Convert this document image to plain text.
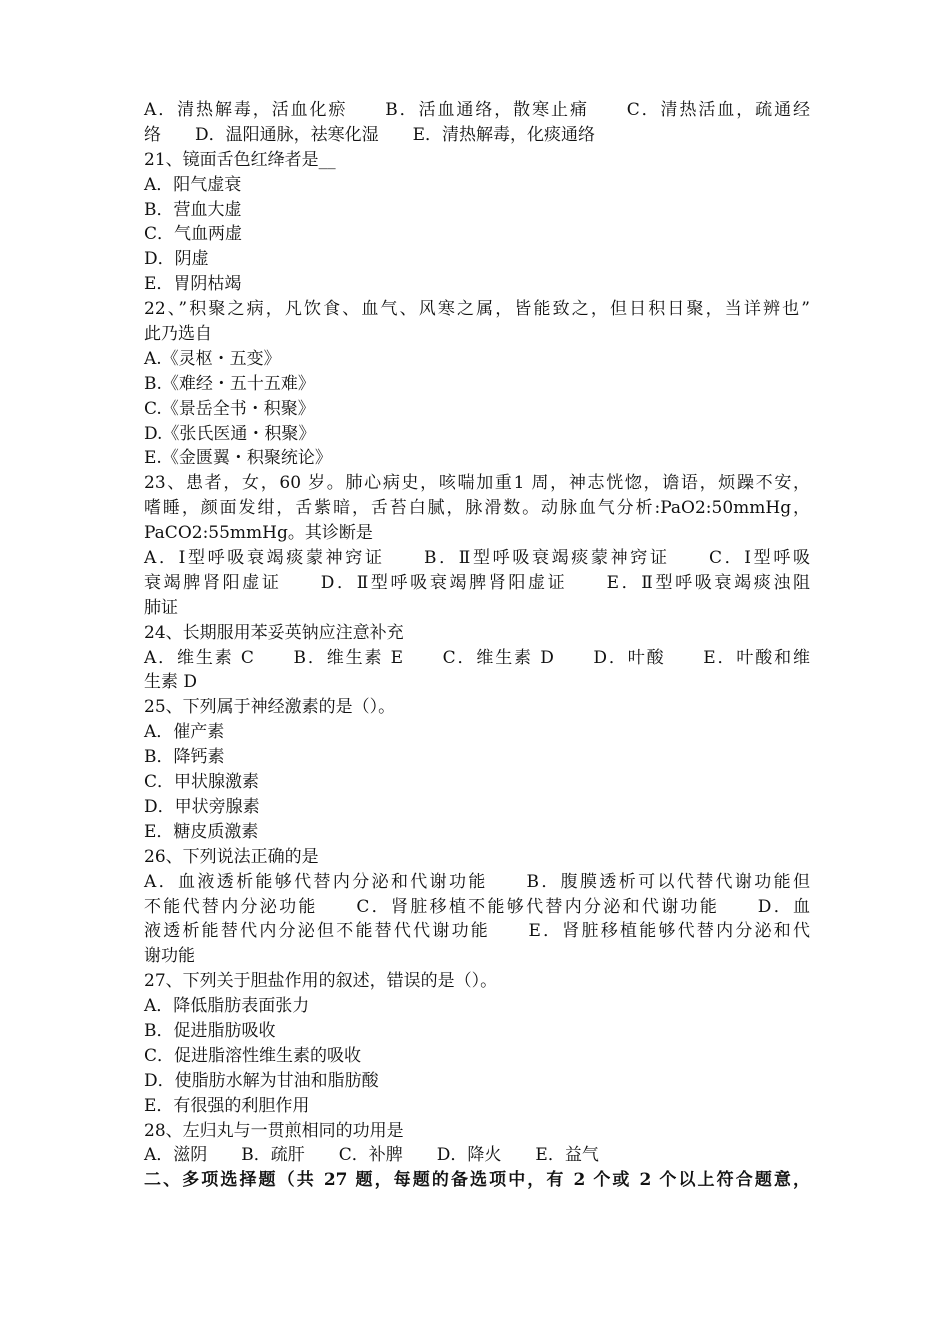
A．清热解毒，活血化瘀　　B．活血通络，散寒止痛　　C．清热活血，疏通经
络　　D．温阳通脉，祛寒化湿　　E．清热解毒，化痰通络
21、镜面舌色红绛者是__
A．阳气虚衰
B．营血大虚
C．气血两虚
D．阴虚
E．胃阴枯竭
22、”积聚之病，凡饮食、血气、风寒之属，皆能致之，但日积日聚，当详辨也”
此乃选自
A.《灵枢・五变》
B.《难经・五十五难》
C.《景岳全书・积聚》
D.《张氏医通・积聚》
E.《金匮翼・积聚统论》
23、患者，女，60 岁。肺心病史，咳喘加重1 周，神志恍惚，谵语，烦躁不安，
嗜睡，颜面发绀，舌紫暗，舌苔白腻，脉滑数。动脉血气分析:PaO2:50mmHg，
PaCO2:55mmHg。其诊断是
A．Ⅰ型呼吸衰竭痰蒙神窍证　　B．Ⅱ型呼吸衰竭痰蒙神窍证　　C．Ⅰ型呼吸
衰竭脾肾阳虚证　　D．Ⅱ型呼吸衰竭脾肾阳虚证　　E．Ⅱ型呼吸衰竭痰浊阻
肺证
24、长期服用苯妥英钠应注意补充
A．维生素 C　　B．维生素 E　　C．维生素 D　　D．叶酸　　E．叶酸和维
生素 D
25、下列属于神经激素的是（）。
A．催产素
B．降钙素
C．甲状腺激素
D．甲状旁腺素
E．糖皮质激素
26、下列说法正确的是
A．血液透析能够代替内分泌和代谢功能　　B．腹膜透析可以代替代谢功能但
不能代替内分泌功能　　C．肾脏移植不能够代替内分泌和代谢功能　　D．血
液透析能替代内分泌但不能替代代谢功能　　E．肾脏移植能够代替内分泌和代
谢功能
27、下列关于胆盐作用的叙述，错误的是（）。
A．降低脂肪表面张力
B．促进脂肪吸收
C．促进脂溶性维生素的吸收
D．使脂肪水解为甘油和脂肪酸
E．有很强的利胆作用
28、左归丸与一贯煎相同的功用是
A．滋阴　　B．疏肝　　C．补脾　　D．降火　　E．益气
二、多项选择题（共 27 题，每题的备选项中，有 2 个或 2 个以上符合题意，
